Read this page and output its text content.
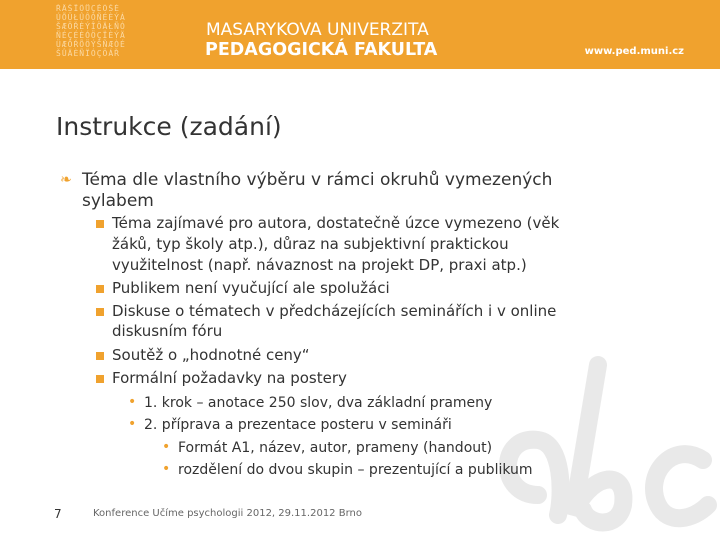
ŘÄŠÏÖŮÇĚÖŠÈ
ÚÕÜŁÛÔÒÑÉÈÝÁ
ŠÆÖŘÈÝÎÖÄŁÑÓ
ÑÉÇÉÈÓÖÇÏÈÝÄ
ÜÆÔŘÕÖÝŠÑÆÒÉ
ŠÛÄÈÑÏÓÇÖÁŘ
MASARYKOVA UNIVERZITA
PEDAGOGICKÁ FAKULTA	www.ped.muni.cz
Instrukce (zadání)
❧ Téma dle vlastního výběru v rámci okruhů vymezených
sylabem
Téma zajímavé pro autora, dostatečně úzce vymezeno (věk
žáků, typ školy atp.), důraz na subjektivní praktickou
využitelnost (např. návaznost na projekt DP, praxi atp.)
Publikem není vyučující ale spolužáci
Diskuse o tématech v předcházejících seminářích i v online
diskusním fóru
Soutěž o „hodnotné ceny“
Formální požadavky na postery
• 1. krok – anotace 250 slov, dva základní prameny
• 2. příprava a prezentace posteru v semináři
• Formát A1, název, autor, prameny (handout)
• rozdělení do dvou skupin – prezentující a publikum
7	Konference Učíme psychologii 2012, 29.11.2012 Brno
